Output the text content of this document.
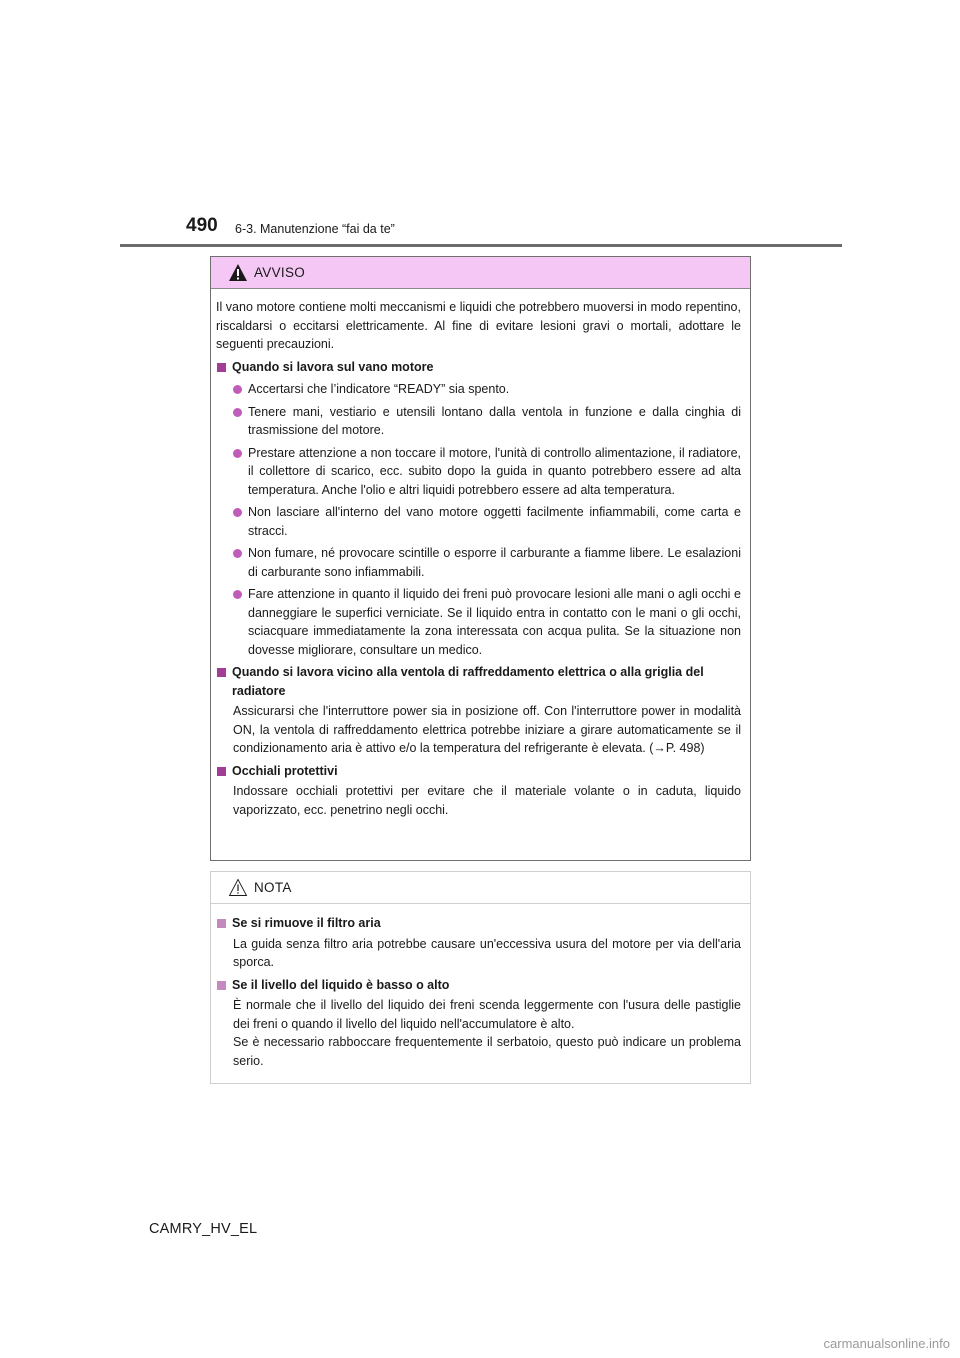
490 6-3. Manutenzione “fai da te”
AVVISO

Il vano motore contiene molti meccanismi e liquidi che potrebbero muoversi in modo repentino, riscaldarsi o eccitarsi elettricamente. Al fine di evitare lesioni gravi o mortali, adottare le seguenti precauzioni.

Quando si lavora sul vano motore
Accertarsi che l’indicatore “READY” sia spento.
Tenere mani, vestiario e utensili lontano dalla ventola in funzione e dalla cinghia di trasmissione del motore.
Prestare attenzione a non toccare il motore, l'unità di controllo alimentazione, il radiatore, il collettore di scarico, ecc. subito dopo la guida in quanto potrebbero essere ad alta temperatura. Anche l'olio e altri liquidi potrebbero essere ad alta temperatura.
Non lasciare all'interno del vano motore oggetti facilmente infiammabili, come carta e stracci.
Non fumare, né provocare scintille o esporre il carburante a fiamme libere. Le esalazioni di carburante sono infiammabili.
Fare attenzione in quanto il liquido dei freni può provocare lesioni alle mani o agli occhi e danneggiare le superfici verniciate. Se il liquido entra in contatto con le mani o gli occhi, sciacquare immediatamente la zona interessata con acqua pulita. Se la situazione non dovesse migliorare, consultare un medico.
Quando si lavora vicino alla ventola di raffreddamento elettrica o alla griglia del radiatore

Assicurarsi che l'interruttore power sia in posizione off. Con l'interruttore power in modalità ON, la ventola di raffreddamento elettrica potrebbe iniziare a girare automaticamente se il condizionamento aria è attivo e/o la temperatura del refrigerante è elevata. (→P. 498)

Occhiali protettivi

Indossare occhiali protettivi per evitare che il materiale volante o in caduta, liquido vaporizzato, ecc. penetrino negli occhi.

NOTA
Se si rimuove il filtro aria

La guida senza filtro aria potrebbe causare un'eccessiva usura del motore per via dell'aria sporca.

Se il livello del liquido è basso o alto

È normale che il livello del liquido dei freni scenda leggermente con l'usura delle pastiglie dei freni o quando il livello del liquido nell'accumulatore è alto.

Se è necessario rabboccare frequentemente il serbatoio, questo può indicare un problema serio.

CAMRY_HV_EL
carmanualsonline.info
